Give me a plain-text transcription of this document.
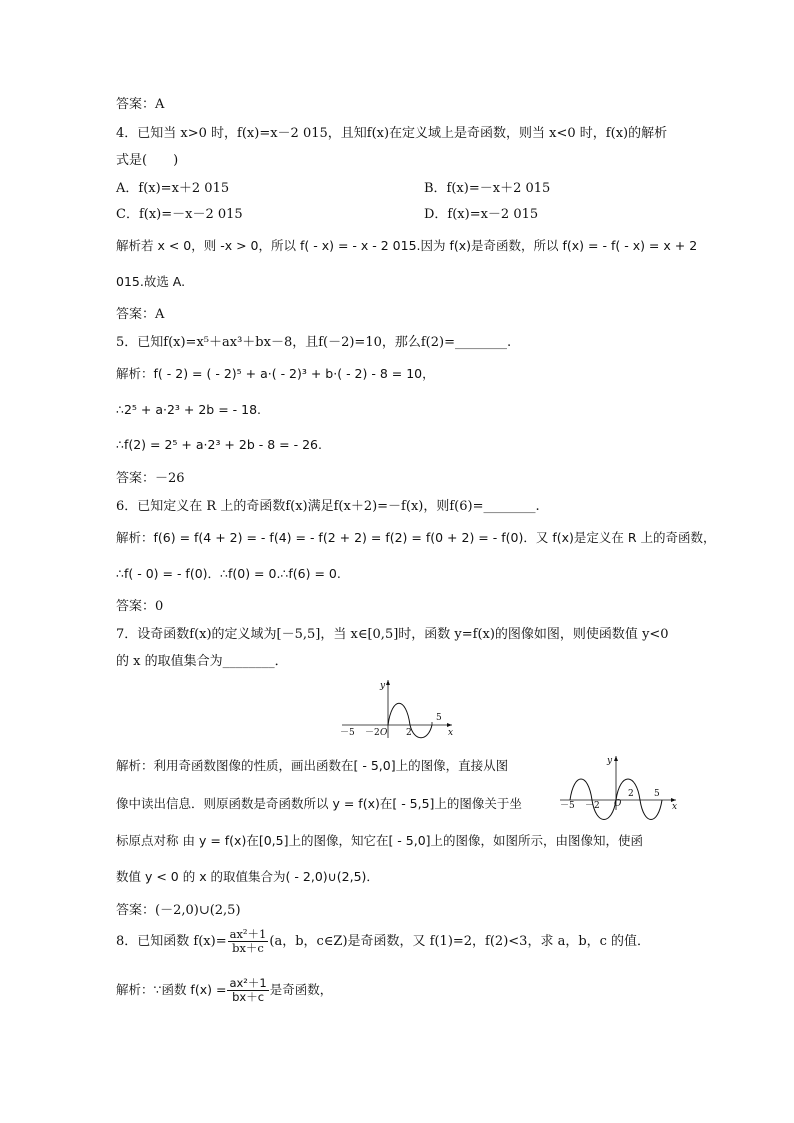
答案：A
4．已知当 x>0 时，f(x)=x－2 015，且知f(x)在定义域上是奇函数，则当 x<0 时，f(x)的解析
式是(　　)
A．f(x)=x＋2 015	B．f(x)=－x＋2 015
C．f(x)=－x－2 015	D．f(x)=x－2 015
解析若 x < 0，则 -x > 0，所以 f( - x) = - x - 2 015.因为 f(x)是奇函数，所以 f(x) = - f( - x) = x + 2
015.故选 A.
答案：A
5．已知f(x)=x⁵＋ax³＋bx－8，且f(－2)=10，那么f(2)=________.
解析：f( - 2) = ( - 2)⁵ + a·( - 2)³ + b·( - 2) - 8 = 10，
∴2⁵ + a·2³ + 2b = - 18.
∴f(2) = 2⁵ + a·2³ + 2b - 8 = - 26.
答案：－26
6．已知定义在 R 上的奇函数f(x)满足f(x＋2)=－f(x)，则f(6)=________.
解析：f(6) = f(4 + 2) = - f(4) = - f(2 + 2) = f(2) = f(0 + 2) = - f(0)．又 f(x)是定义在 R 上的奇函数，
∴f( - 0) = - f(0)．∴f(0) = 0.∴f(6) = 0.
答案：0
7．设奇函数f(x)的定义域为[－5,5]，当 x∈[0,5]时，函数 y=f(x)的图像如图，则使函数值 y<0
的 x 的取值集合为________．
y
x
O
－5 －2	2
5
解析：利用奇函数图像的性质，画出函数在[ - 5,0]上的图像，直接从图
像中读出信息．则原函数是奇函数所以 y = f(x)在[ - 5,5]上的图像关于坐
y
x
O
－5 －2
2 5
标原点对称 由 y = f(x)在[0,5]上的图像，知它在[ - 5,0]上的图像，如图所示，由图像知，使函
数值 y < 0 的 x 的取值集合为( - 2,0)∪(2,5)．
答案：(－2,0)∪(2,5)
8．已知函数 $f(x)= \frac{\text{ax²＋1}}{bx+c} (a$，b，c∈Z)是奇函数，又 f(1)=2，f(2)<3，求 a，b，c 的值．
解析：∵函数 $f(x) = \frac{\text{ax²＋1}}{bx+c}$ 是奇函数，
